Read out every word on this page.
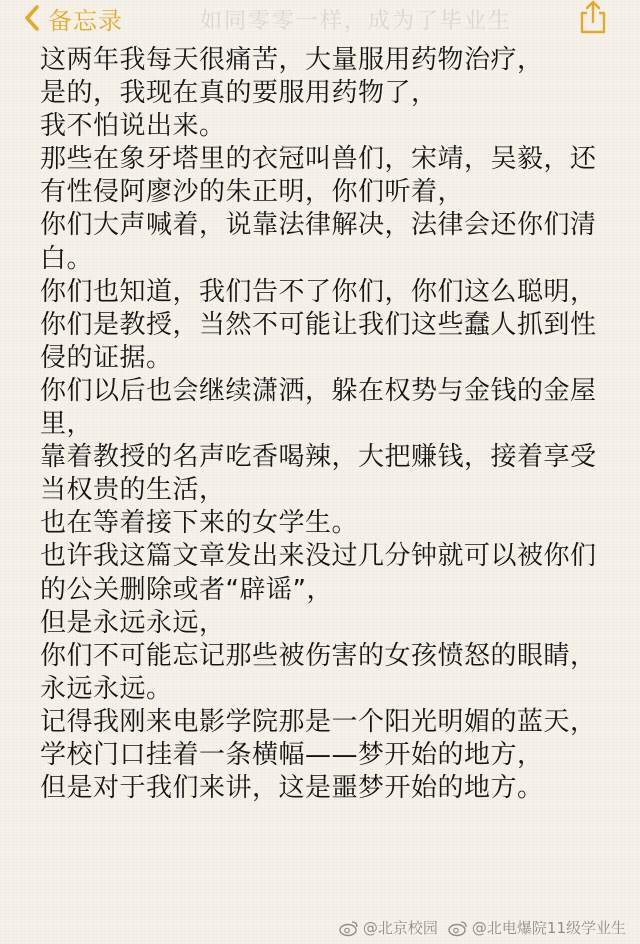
备忘录	如同零零一样，成为了毕业生
这两年我每天很痛苦，大量服用药物治疗，
是的，我现在真的要服用药物了，
我不怕说出来。
那些在象牙塔里的衣冠叫兽们，宋靖，吴毅，还
有性侵阿廖沙的朱正明，你们听着，
你们大声喊着，说靠法律解决，法律会还你们清
白。
你们也知道，我们告不了你们，你们这么聪明，
你们是教授，当然不可能让我们这些蠢人抓到性
侵的证据。
你们以后也会继续潇洒，躲在权势与金钱的金屋
里，
靠着教授的名声吃香喝辣，大把赚钱，接着享受
当权贵的生活，
也在等着接下来的女学生。
也许我这篇文章发出来没过几分钟就可以被你们
的公关删除或者“辟谣”，
但是永远永远，
你们不可能忘记那些被伤害的女孩愤怒的眼睛，
永远永远。
记得我刚来电影学院那是一个阳光明媚的蓝天，
学校门口挂着一条横幅——梦开始的地方，
但是对于我们来讲，这是噩梦开始的地方。
@北京校园 @北电爆院11级学业生
